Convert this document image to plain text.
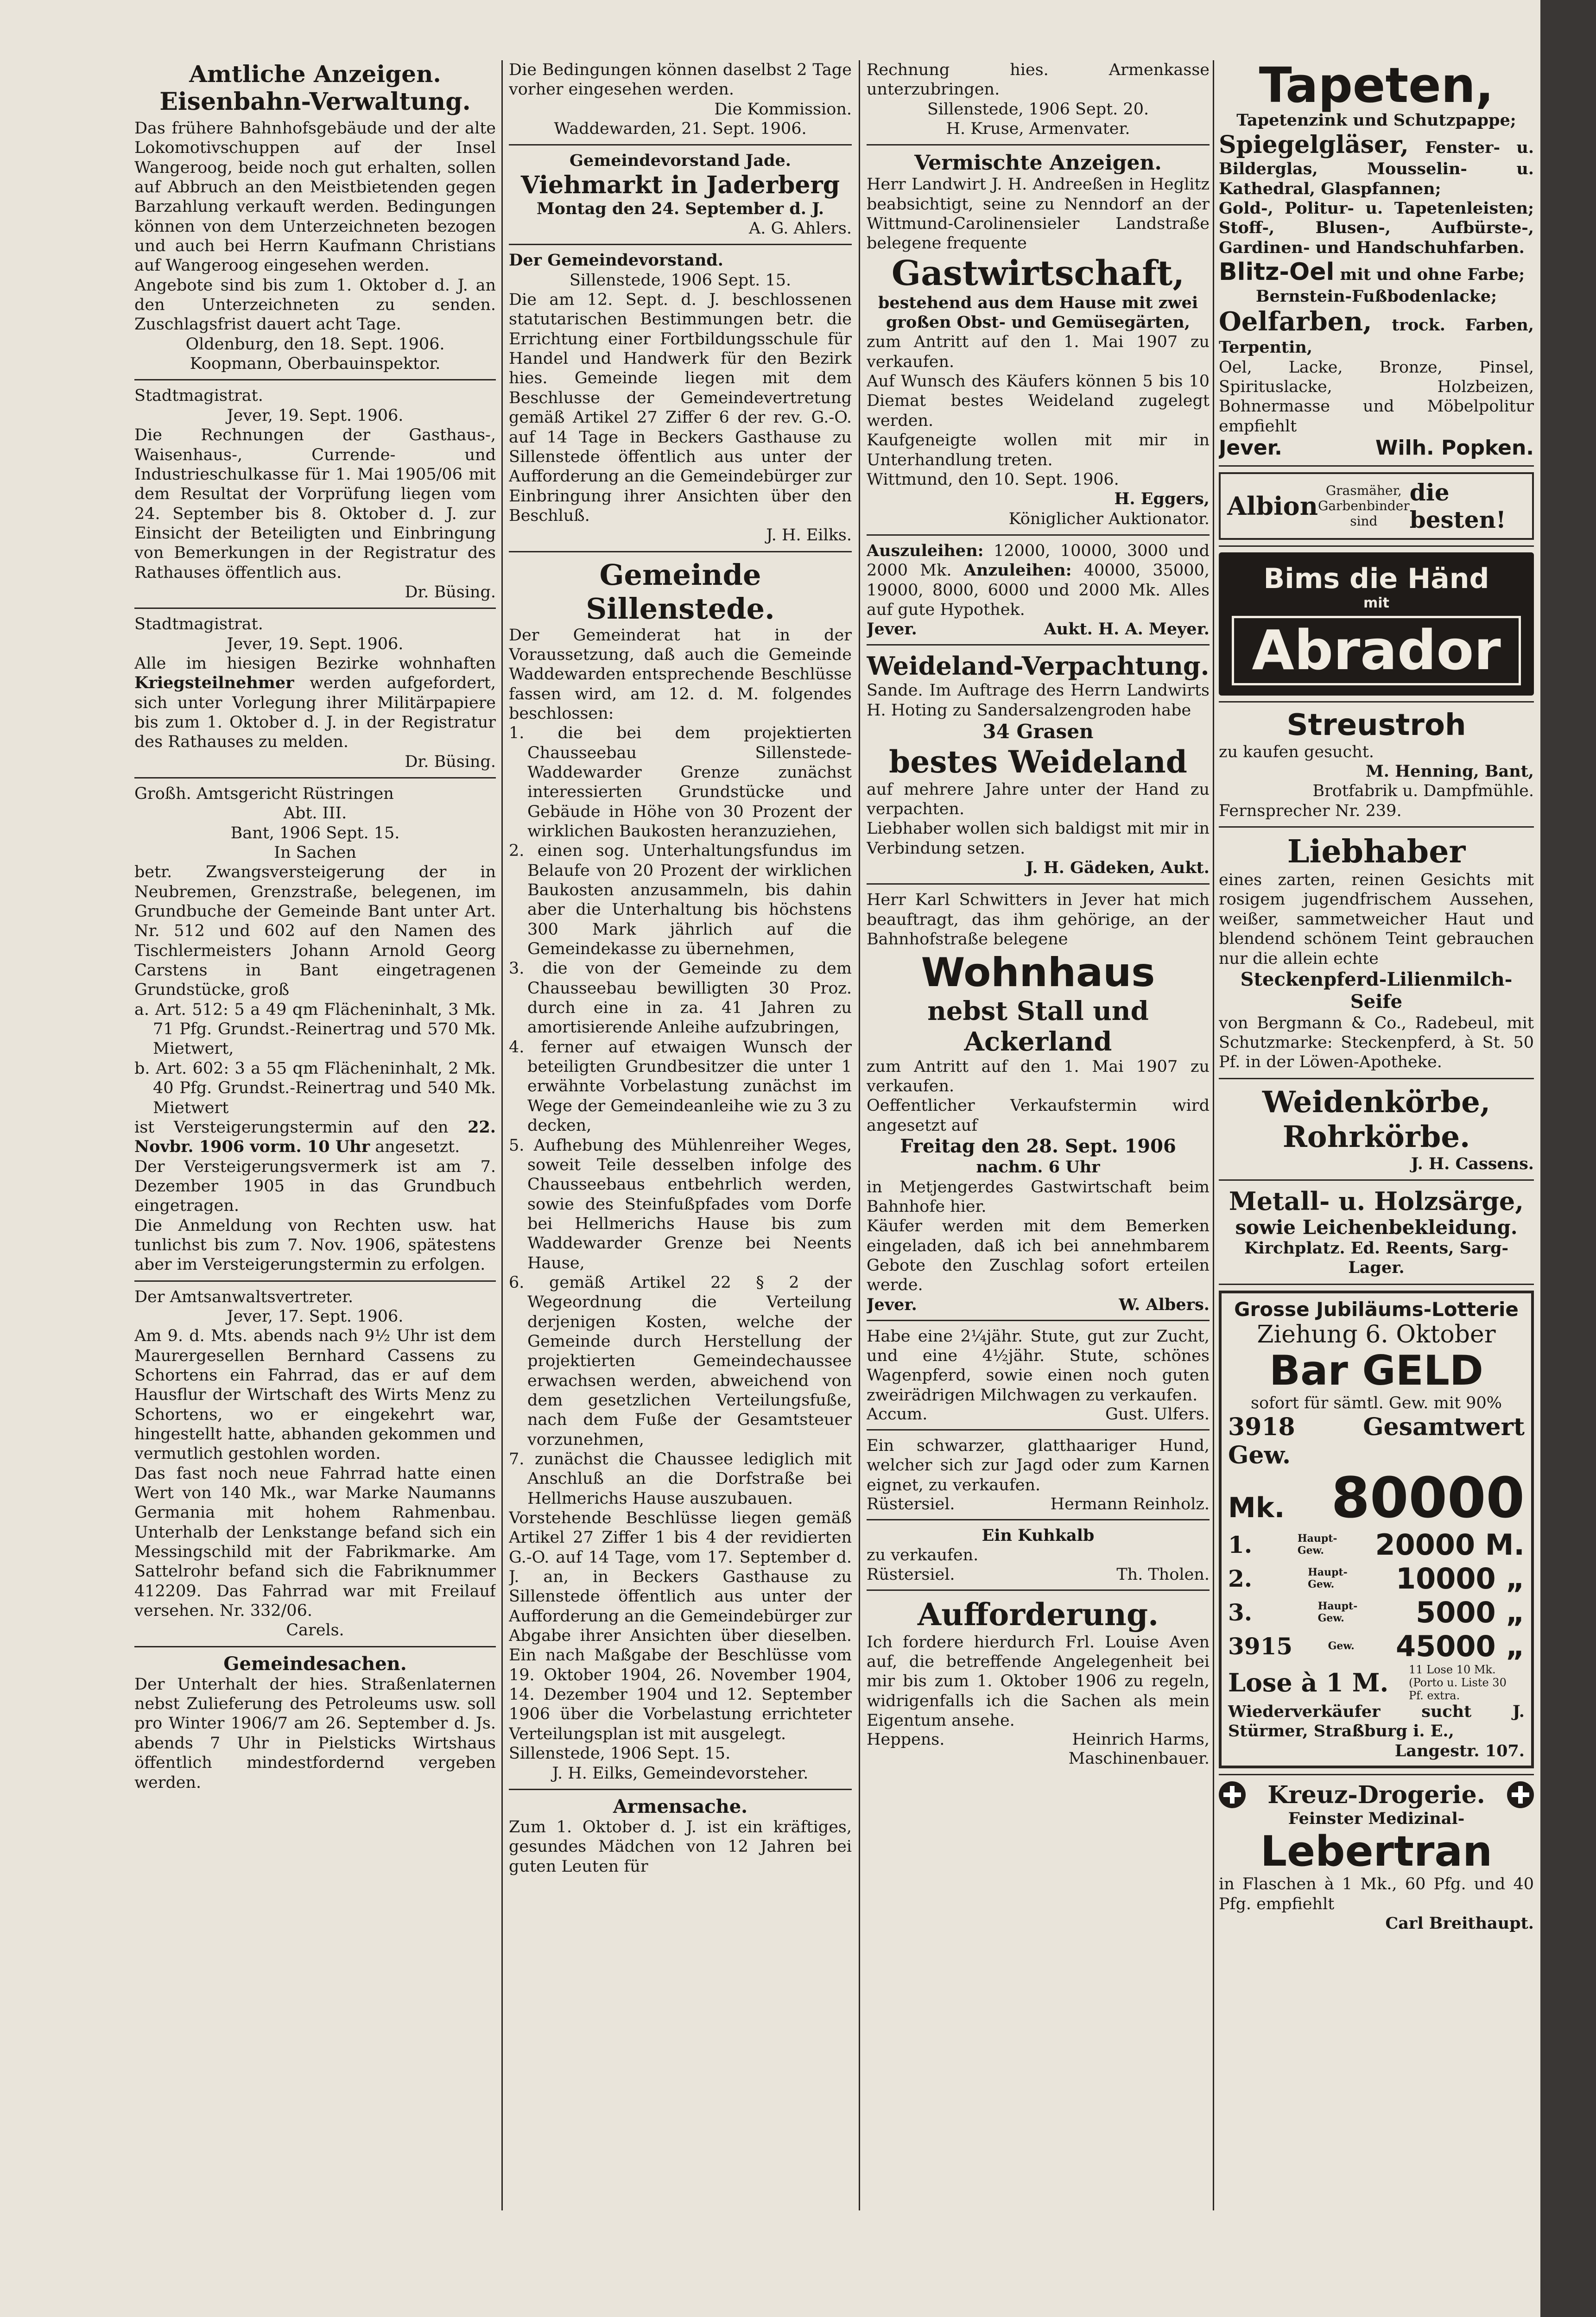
Amtliche Anzeigen.
Eisenbahn-Verwaltung.

Das frühere Bahnhofsgebäude und der alte Lokomotivschuppen auf der Insel Wangeroog, beide noch gut erhalten, sollen auf Abbruch an den Meistbietenden gegen Barzahlung verkauft werden. Bedingungen können von dem Unterzeichneten bezogen und auch bei Herrn Kaufmann Christians auf Wangeroog eingesehen werden.

Angebote sind bis zum 1. Oktober d. J. an den Unterzeichneten zu senden. Zuschlagsfrist dauert acht Tage.

Oldenburg, den 18. Sept. 1906.

Koopmann, Oberbauinspektor.

Stadtmagistrat.

Jever, 19. Sept. 1906.

Die Rechnungen der Gasthaus-, Waisenhaus-, Currende- und Industrieschulkasse für 1. Mai 1905/06 mit dem Resultat der Vorprüfung liegen vom 24. September bis 8. Oktober d. J. zur Einsicht der Beteiligten und Einbringung von Bemerkungen in der Registratur des Rathauses öffentlich aus.

Dr. Büsing.

Stadtmagistrat.

Jever, 19. Sept. 1906.

Alle im hiesigen Bezirke wohnhaften Kriegsteilnehmer werden aufgefordert, sich unter Vorlegung ihrer Militärpapiere bis zum 1. Oktober d. J. in der Registratur des Rathauses zu melden.

Dr. Büsing.

Großh. Amtsgericht Rüstringen

Abt. III.

Bant, 1906 Sept. 15.

In Sachen

betr. Zwangsversteigerung der in Neubremen, Grenzstraße, belegenen, im Grundbuche der Gemeinde Bant unter Art. Nr. 512 und 602 auf den Namen des Tischlermeisters Johann Arnold Georg Carstens in Bant eingetragenen Grundstücke, groß

a. Art. 512: 5 a 49 qm Flächeninhalt, 3 Mk. 71 Pfg. Grundst.-Reinertrag und 570 Mk. Mietwert,

b. Art. 602: 3 a 55 qm Flächeninhalt, 2 Mk. 40 Pfg. Grundst.-Reinertrag und 540 Mk. Mietwert

ist Versteigerungstermin auf den 22. Novbr. 1906 vorm. 10 Uhr angesetzt.

Der Versteigerungsvermerk ist am 7. Dezember 1905 in das Grundbuch eingetragen.

Die Anmeldung von Rechten usw. hat tunlichst bis zum 7. Nov. 1906, spätestens aber im Versteigerungstermin zu erfolgen.

Der Amtsanwaltsvertreter.

Jever, 17. Sept. 1906.

Am 9. d. Mts. abends nach 9½ Uhr ist dem Maurergesellen Bernhard Cassens zu Schortens ein Fahrrad, das er auf dem Hausflur der Wirtschaft des Wirts Menz zu Schortens, wo er eingekehrt war, hingestellt hatte, abhanden gekommen und vermutlich gestohlen worden.

Das fast noch neue Fahrrad hatte einen Wert von 140 Mk., war Marke Naumanns Germania mit hohem Rahmenbau. Unterhalb der Lenkstange befand sich ein Messingschild mit der Fabrikmarke. Am Sattelrohr befand sich die Fabriknummer 412209. Das Fahrrad war mit Freilauf versehen. Nr. 332/06.

Carels.

Gemeindesachen.

Der Unterhalt der hies. Straßenlaternen nebst Zulieferung des Petroleums usw. soll pro Winter 1906/7 am 26. September d. Js. abends 7 Uhr in Pielsticks Wirtshaus öffentlich mindestfordernd vergeben werden.

Die Bedingungen können daselbst 2 Tage vorher eingesehen werden.

Die Kommission.

Waddewarden, 21. Sept. 1906.

Gemeindevorstand Jade.

Viehmarkt in Jaderberg

Montag den 24. September d. J.

A. G. Ahlers.

Der Gemeindevorstand.

Sillenstede, 1906 Sept. 15.

Die am 12. Sept. d. J. beschlossenen statutarischen Bestimmungen betr. die Errichtung einer Fortbildungsschule für Handel und Handwerk für den Bezirk hies. Gemeinde liegen mit dem Beschlusse der Gemeindevertretung gemäß Artikel 27 Ziffer 6 der rev. G.-O. auf 14 Tage in Beckers Gasthause zu Sillenstede öffentlich aus unter der Aufforderung an die Gemeindebürger zur Einbringung ihrer Ansichten über den Beschluß.

J. H. Eilks.

Gemeinde Sillenstede.

Der Gemeinderat hat in der Voraussetzung, daß auch die Gemeinde Waddewarden entsprechende Beschlüsse fassen wird, am 12. d. M. folgendes beschlossen:

1. die bei dem projektierten Chausseebau Sillenstede-Waddewarder Grenze zunächst interessierten Grundstücke und Gebäude in Höhe von 30 Prozent der wirklichen Baukosten heranzuziehen,

2. einen sog. Unterhaltungsfundus im Belaufe von 20 Prozent der wirklichen Baukosten anzusammeln, bis dahin aber die Unterhaltung bis höchstens 300 Mark jährlich auf die Gemeindekasse zu übernehmen,

3. die von der Gemeinde zu dem Chausseebau bewilligten 30 Proz. durch eine in za. 41 Jahren zu amortisierende Anleihe aufzubringen,

4. ferner auf etwaigen Wunsch der beteiligten Grundbesitzer die unter 1 erwähnte Vorbelastung zunächst im Wege der Gemeindeanleihe wie zu 3 zu decken,

5. Aufhebung des Mühlenreiher Weges, soweit Teile desselben infolge des Chausseebaus entbehrlich werden, sowie des Steinfußpfades vom Dorfe bei Hellmerichs Hause bis zum Waddewarder Grenze bei Neents Hause,

6. gemäß Artikel 22 § 2 der Wegeordnung die Verteilung derjenigen Kosten, welche der Gemeinde durch Herstellung der projektierten Gemeindechaussee erwachsen werden, abweichend von dem gesetzlichen Verteilungsfuße, nach dem Fuße der Gesamtsteuer vorzunehmen,

7. zunächst die Chaussee lediglich mit Anschluß an die Dorfstraße bei Hellmerichs Hause auszubauen.

Vorstehende Beschlüsse liegen gemäß Artikel 27 Ziffer 1 bis 4 der revidierten G.-O. auf 14 Tage, vom 17. September d. J. an, in Beckers Gasthause zu Sillenstede öffentlich aus unter der Aufforderung an die Gemeindebürger zur Abgabe ihrer Ansichten über dieselben. Ein nach Maßgabe der Beschlüsse vom 19. Oktober 1904, 26. November 1904, 14. Dezember 1904 und 12. September 1906 über die Vorbelastung errichteter Verteilungsplan ist mit ausgelegt.

Sillenstede, 1906 Sept. 15.

J. H. Eilks, Gemeindevorsteher.

Armensache.

Zum 1. Oktober d. J. ist ein kräftiges, gesundes Mädchen von 12 Jahren bei guten Leuten für

Rechnung hies. Armenkasse unterzubringen.

Sillenstede, 1906 Sept. 20.

H. Kruse, Armenvater.

Vermischte Anzeigen.

Herr Landwirt J. H. Andreeßen in Heglitz beabsichtigt, seine zu Nenndorf an der Wittmund-Carolinensieler Landstraße belegene frequente

Gastwirtschaft,

bestehend aus dem Hause mit zwei großen Obst- und Gemüsegärten,

zum Antritt auf den 1. Mai 1907 zu verkaufen.

Auf Wunsch des Käufers können 5 bis 10 Diemat bestes Weideland zugelegt werden.

Kaufgeneigte wollen mit mir in Unterhandlung treten.

Wittmund, den 10. Sept. 1906.

H. Eggers,

Königlicher Auktionator.

Auszuleihen: 12000, 10000, 3000 und 2000 Mk. Anzuleihen: 40000, 35000, 19000, 8000, 6000 und 2000 Mk. Alles auf gute Hypothek.

Jever.	Aukt. H. A. Meyer.
Weideland-Verpachtung.

Sande. Im Auftrage des Herrn Landwirts H. Hoting zu Sandersalzengroden habe

34 Grasen

bestes Weideland

auf mehrere Jahre unter der Hand zu verpachten.

Liebhaber wollen sich baldigst mit mir in Verbindung setzen.

J. H. Gädeken, Aukt.

Herr Karl Schwitters in Jever hat mich beauftragt, das ihm gehörige, an der Bahnhofstraße belegene

Wohnhaus
nebst Stall und
Ackerland

zum Antritt auf den 1. Mai 1907 zu verkaufen.

Oeffentlicher Verkaufstermin wird angesetzt auf

Freitag den 28. Sept. 1906

nachm. 6 Uhr

in Metjengerdes Gastwirtschaft beim Bahnhofe hier.

Käufer werden mit dem Bemerken eingeladen, daß ich bei annehmbarem Gebote den Zuschlag sofort erteilen werde.

Jever.	W. Albers.

Habe eine 2¼jähr. Stute, gut zur Zucht, und eine 4½jähr. Stute, schönes Wagenpferd, sowie einen noch guten zweirädrigen Milchwagen zu verkaufen.

Accum.	Gust. Ulfers.

Ein schwarzer, glatthaariger Hund, welcher sich zur Jagd oder zum Karnen eignet, zu verkaufen.

Rüstersiel.	Hermann Reinholz.

Ein Kuhkalb

zu verkaufen.

Rüstersiel.	Th. Tholen.
Aufforderung.

Ich fordere hierdurch Frl. Louise Aven auf, die betreffende Angelegenheit bei mir bis zum 1. Oktober 1906 zu regeln, widrigenfalls ich die Sachen als mein Eigentum ansehe.

Heppens.	Heinrich Harms,

Maschinenbauer.

Tapeten,

Tapetenzink und Schutzpappe;

Spiegelgläser, Fenster- u. Bilderglas, Mousselin- u. Kathedral, Glaspfannen;

Gold-, Politur- u. Tapetenleisten; Stoff-, Blusen-, Aufbürste-, Gardinen- und Handschuhfarben.

Blitz-Oel mit und ohne Farbe;

Bernstein-Fußbodenlacke;

Oelfarben, trock. Farben, Terpentin,

Oel, Lacke, Bronze, Pinsel, Spirituslacke, Holzbeizen, Bohnermasse und Möbelpolitur empfiehlt

Jever.	Wilh. Popken.
Albion
Grasmäher, Garbenbinder sind
die besten!
Bims die Händ
mit
Abrador
Streustroh

zu kaufen gesucht.

M. Henning, Bant,

Brotfabrik u. Dampfmühle.

Fernsprecher Nr. 239.

Liebhaber

eines zarten, reinen Gesichts mit rosigem jugendfrischem Aussehen, weißer, sammetweicher Haut und blendend schönem Teint gebrauchen nur die allein echte

Steckenpferd-Lilienmilch-Seife

von Bergmann & Co., Radebeul, mit Schutzmarke: Steckenpferd, à St. 50 Pf. in der Löwen-Apotheke.

Weidenkörbe,
Rohrkörbe.

J. H. Cassens.

Metall- u. Holzsärge,
sowie Leichenbekleidung.

Kirchplatz. Ed. Reents, Sarg-Lager.

Grosse Jubiläums-Lotterie
Ziehung 6. Oktober
Bar GELD

sofort für sämtl. Gew. mit 90%

3918 Gew.
Gesamtwert
Mk. 80000
1.	Haupt-Gew. 20000 M.
2.	Haupt-Gew. 10000 „
3.	Haupt-Gew. 5000 „
3915	Gew. 45000 „
Lose à 1 M. 11 Lose 10 Mk. (Porto u. Liste 30 Pf. extra.

Wiederverkäufer sucht J. Stürmer, Straßburg i. E.,

Langestr. 107.

Kreuz-Drogerie.

Feinster Medizinal-

Lebertran

in Flaschen à 1 Mk., 60 Pfg. und 40 Pfg. empfiehlt

Carl Breithaupt.
